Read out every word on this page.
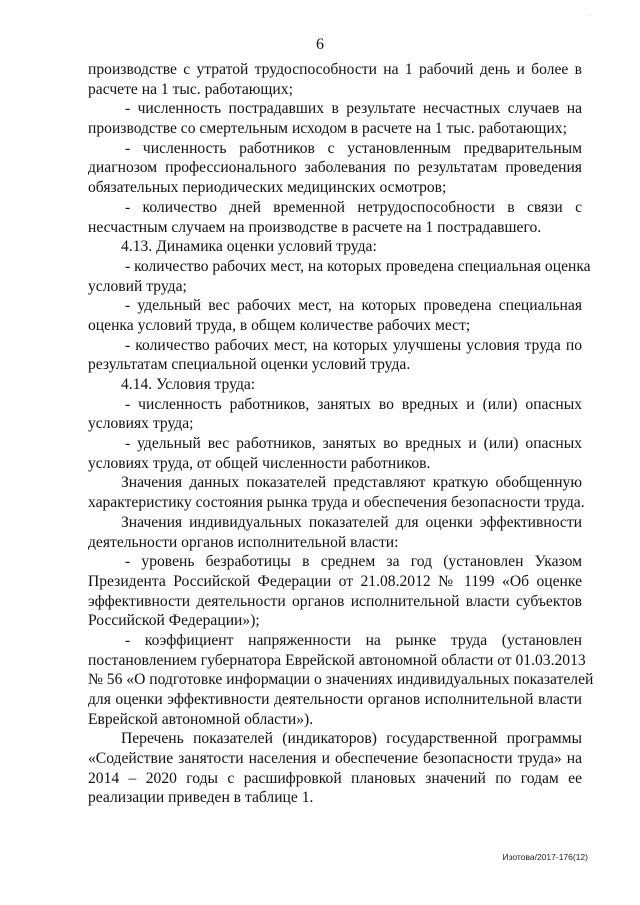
··
6
производстве с утратой трудоспособности на 1 рабочий день и более в
расчете на 1 тыс. работающих;
- численность пострадавших в результате несчастных случаев на
производстве со смертельным исходом в расчете на 1 тыс. работающих;
- численность работников с установленным предварительным
диагнозом профессионального заболевания по результатам проведения
обязательных периодических медицинских осмотров;
- количество дней временной нетрудоспособности в связи с
несчастным случаем на производстве в расчете на 1 пострадавшего.
4.13. Динамика оценки условий труда:
- количество рабочих мест, на которых проведена специальная оценка
условий труда;
- удельный вес рабочих мест, на которых проведена специальная
оценка условий труда, в общем количестве рабочих мест;
- количество рабочих мест, на которых улучшены условия труда по
результатам специальной оценки условий труда.
4.14. Условия труда:
- численность работников, занятых во вредных и (или) опасных
условиях труда;
- удельный вес работников, занятых во вредных и (или) опасных
условиях труда, от общей численности работников.
Значения данных показателей представляют краткую обобщенную
характеристику состояния рынка труда и обеспечения безопасности труда.
Значения индивидуальных показателей для оценки эффективности
деятельности органов исполнительной власти:
- уровень безработицы в среднем за год (установлен Указом
Президента Российской Федерации от 21.08.2012 № 1199 «Об оценке
эффективности деятельности органов исполнительной власти субъектов
Российской Федерации»);
- коэффициент напряженности на рынке труда (установлен
постановлением губернатора Еврейской автономной области от 01.03.2013
№ 56 «О подготовке информации о значениях индивидуальных показателей
для оценки эффективности деятельности органов исполнительной власти
Еврейской автономной области»).
Перечень показателей (индикаторов) государственной программы
«Содействие занятости населения и обеспечение безопасности труда» на
2014 – 2020 годы с расшифровкой плановых значений по годам ее
реализации приведен в таблице 1.
Изотова/2017-176(12)
